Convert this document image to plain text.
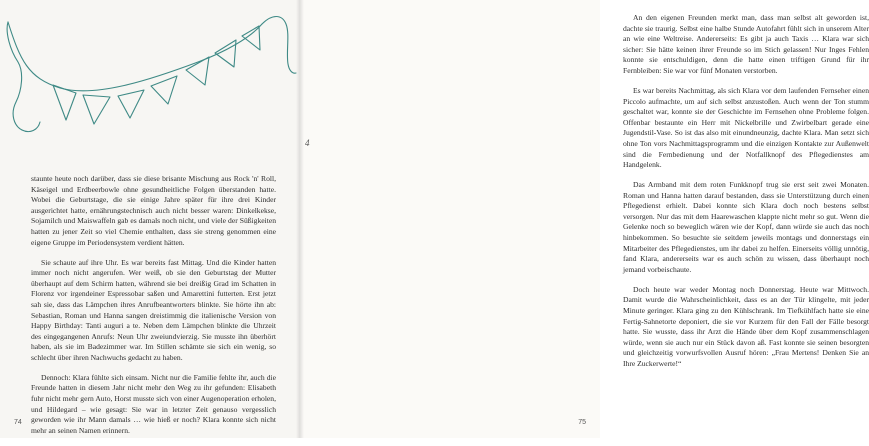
staunte heute noch darüber, dass sie diese brisante Mischung aus Rock 'n' Roll, Käseigel und Erdbeerbowle ohne gesundheitliche Folgen überstanden hatte. Wobei die Geburtstage, die sie einige Jahre später für ihre drei Kinder ausgerichtet hatte, ernährungstechnisch auch nicht besser waren: Dinkelkekse, Sojamilch und Maiswaffeln gab es damals noch nicht, und viele der Süßigkeiten hatten zu jener Zeit so viel Chemie enthalten, dass sie streng genommen eine eigene Gruppe im Periodensystem verdient hätten.

Sie schaute auf ihre Uhr. Es war bereits fast Mittag. Und die Kinder hatten immer noch nicht angerufen. Wer weiß, ob sie den Geburtstag der Mutter überhaupt auf dem Schirm hatten, während sie bei dreißig Grad im Schatten in Florenz vor irgendeiner Espressobar saßen und Amarettini futterten. Erst jetzt sah sie, dass das Lämpchen ihres Anrufbeantworters blinkte. Sie hörte ihn ab: Sebastian, Roman und Hanna sangen dreistimmig die italienische Version von Happy Birthday: Tanti auguri a te. Neben dem Lämpchen blinkte die Uhrzeit des eingegangenen Anrufs: Neun Uhr zweiundvierzig. Sie musste ihn überhört haben, als sie im Badezimmer war. Im Stillen schämte sie sich ein wenig, so schlecht über ihren Nachwuchs gedacht zu haben.

Dennoch: Klara fühlte sich einsam. Nicht nur die Familie fehlte ihr, auch die Freunde hatten in diesem Jahr nicht mehr den Weg zu ihr gefunden: Elisabeth fuhr nicht mehr gern Auto, Horst musste sich von einer Augenoperation erholen, und Hildegard – wie gesagt: Sie war in letzter Zeit genauso vergesslich geworden wie ihr Mann damals … wie hieß er noch? Klara konnte sich nicht mehr an seinen Namen erinnern.

74

An den eigenen Freunden merkt man, dass man selbst alt geworden ist, dachte sie traurig. Selbst eine halbe Stunde Autofahrt fühlt sich in unserem Alter an wie eine Weltreise. Andererseits: Es gibt ja auch Taxis … Klara war sich sicher: Sie hätte keinen ihrer Freunde so im Stich gelassen! Nur Inges Fehlen konnte sie entschuldigen, denn die hatte einen triftigen Grund für ihr Fernbleiben: Sie war vor fünf Monaten verstorben.

Es war bereits Nachmittag, als sich Klara vor dem laufenden Fernseher einen Piccolo aufmachte, um auf sich selbst anzustoßen. Auch wenn der Ton stumm geschaltet war, konnte sie der Geschichte im Fernsehen ohne Probleme folgen. Offenbar bestaunte ein Herr mit Nickelbrille und Zwirbelbart gerade eine Jugendstil-Vase. So ist das also mit einundneunzig, dachte Klara. Man setzt sich ohne Ton vors Nachmittagsprogramm und die einzigen Kontakte zur Außenwelt sind die Fernbedienung und der Notfallknopf des Pflegedienstes am Handgelenk.

Das Armband mit dem roten Funkknopf trug sie erst seit zwei Monaten. Roman und Hanna hatten darauf bestanden, dass sie Unterstützung durch einen Pflegedienst erhielt. Dabei konnte sich Klara doch noch bestens selbst versorgen. Nur das mit dem Haarewaschen klappte nicht mehr so gut. Wenn die Gelenke noch so beweglich wären wie der Kopf, dann würde sie auch das noch hinbekommen. So besuchte sie seitdem jeweils montags und donnerstags ein Mitarbeiter des Pflegedienstes, um ihr dabei zu helfen. Einerseits völlig unnötig, fand Klara, andererseits war es auch schön zu wissen, dass überhaupt noch jemand vorbeischaute.

Doch heute war weder Montag noch Donnerstag. Heute war Mittwoch. Damit wurde die Wahrscheinlichkeit, dass es an der Tür klingelte, mit jeder Minute geringer. Klara ging zu den Kühlschrank. Im Tiefkühlfach hatte sie eine Fertig-Sahnetorte deponiert, die sie vor Kurzem für den Fall der Fälle besorgt hatte. Sie wusste, dass ihr Arzt die Hände über dem Kopf zusammenschlagen würde, wenn sie auch nur ein Stück davon aß. Fast konnte sie seinen besorgten und gleichzeitig vorwurfsvollen Ausruf hören: „Frau Mertens! Denken Sie an Ihre Zuckerwerte!“

75
4
